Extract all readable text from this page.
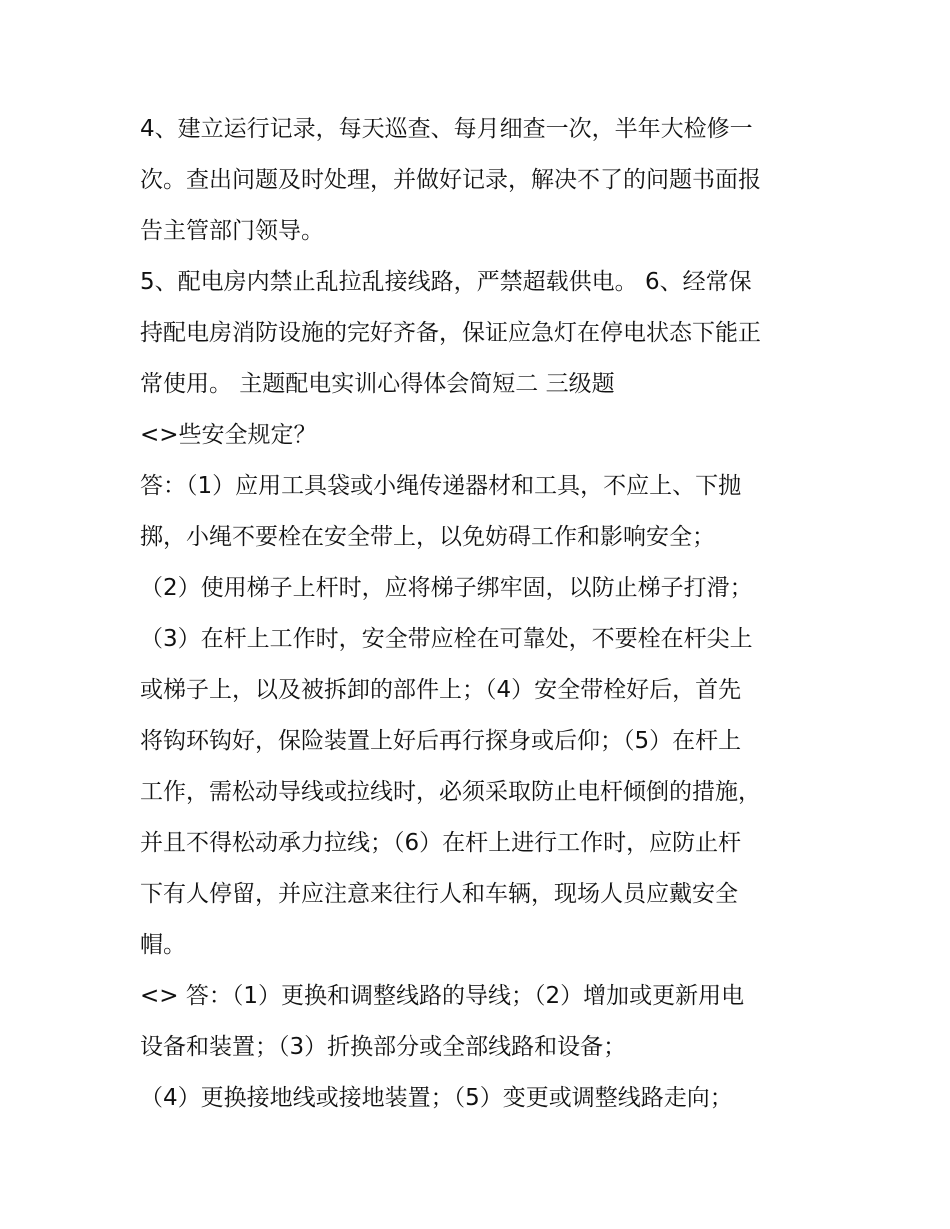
4、建立运行记录，每天巡查、每月细查一次，半年大检修一
次。查出问题及时处理，并做好记录，解决不了的问题书面报
告主管部门领导。
5、配电房内禁止乱拉乱接线路，严禁超载供电。 6、经常保
持配电房消防设施的完好齐备，保证应急灯在停电状态下能正
常使用。 主题配电实训心得体会简短二 三级题
<>些安全规定？
答：（1）应用工具袋或小绳传递器材和工具，不应上、下抛
掷，小绳不要栓在安全带上，以免妨碍工作和影响安全；
（2）使用梯子上杆时，应将梯子绑牢固，以防止梯子打滑；
（3）在杆上工作时，安全带应栓在可靠处，不要栓在杆尖上
或梯子上，以及被拆卸的部件上；（4）安全带栓好后，首先
将钩环钩好，保险装置上好后再行探身或后仰；（5）在杆上
工作，需松动导线或拉线时，必须采取防止电杆倾倒的措施，
并且不得松动承力拉线；（6）在杆上进行工作时，应防止杆
下有人停留，并应注意来往行人和车辆，现场人员应戴安全
帽。
<> 答：（1）更换和调整线路的导线；（2）增加或更新用电
设备和装置；（3）折换部分或全部线路和设备；
（4）更换接地线或接地装置；（5）变更或调整线路走向；
